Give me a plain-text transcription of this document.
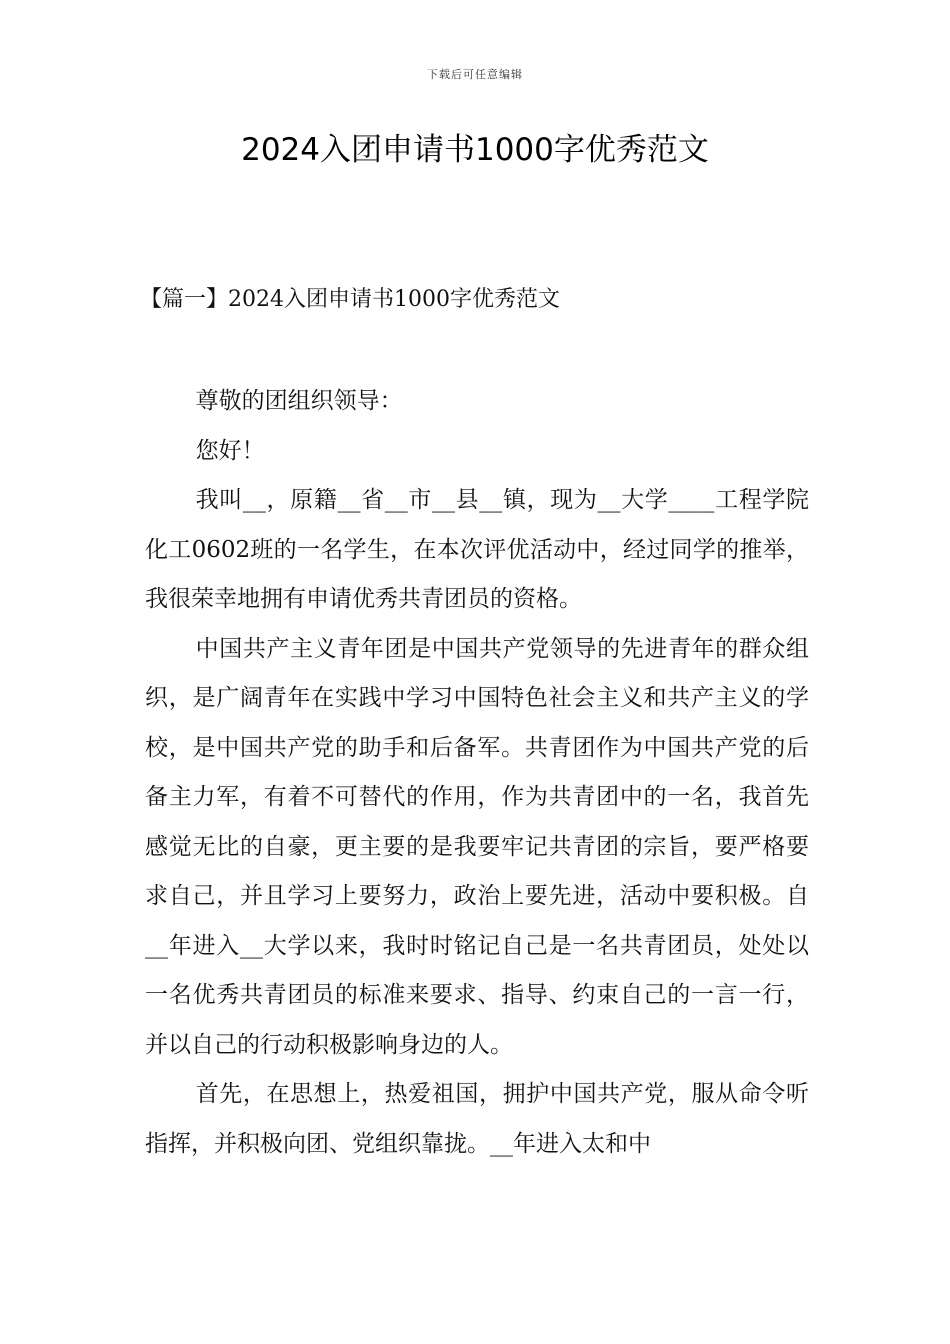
下载后可任意编辑
2024入团申请书1000字优秀范文
【篇一】2024入团申请书1000字优秀范文

尊敬的团组织领导：

您好！

我叫__，原籍__省__市__县__镇，现为__大学____工程学院化工0602班的一名学生，在本次评优活动中，经过同学的推举，我很荣幸地拥有申请优秀共青团员的资格。

中国共产主义青年团是中国共产党领导的先进青年的群众组织，是广阔青年在实践中学习中国特色社会主义和共产主义的学校，是中国共产党的助手和后备军。共青团作为中国共产党的后备主力军，有着不可替代的作用，作为共青团中的一名，我首先感觉无比的自豪，更主要的是我要牢记共青团的宗旨，要严格要求自己，并且学习上要努力，政治上要先进，活动中要积极。自__年进入__大学以来，我时时铭记自己是一名共青团员，处处以一名优秀共青团员的标准来要求、指导、约束自己的一言一行，并以自己的行动积极影响身边的人。

首先，在思想上，热爱祖国，拥护中国共产党，服从命令听指挥，并积极向团、党组织靠拢。__年进入太和中
